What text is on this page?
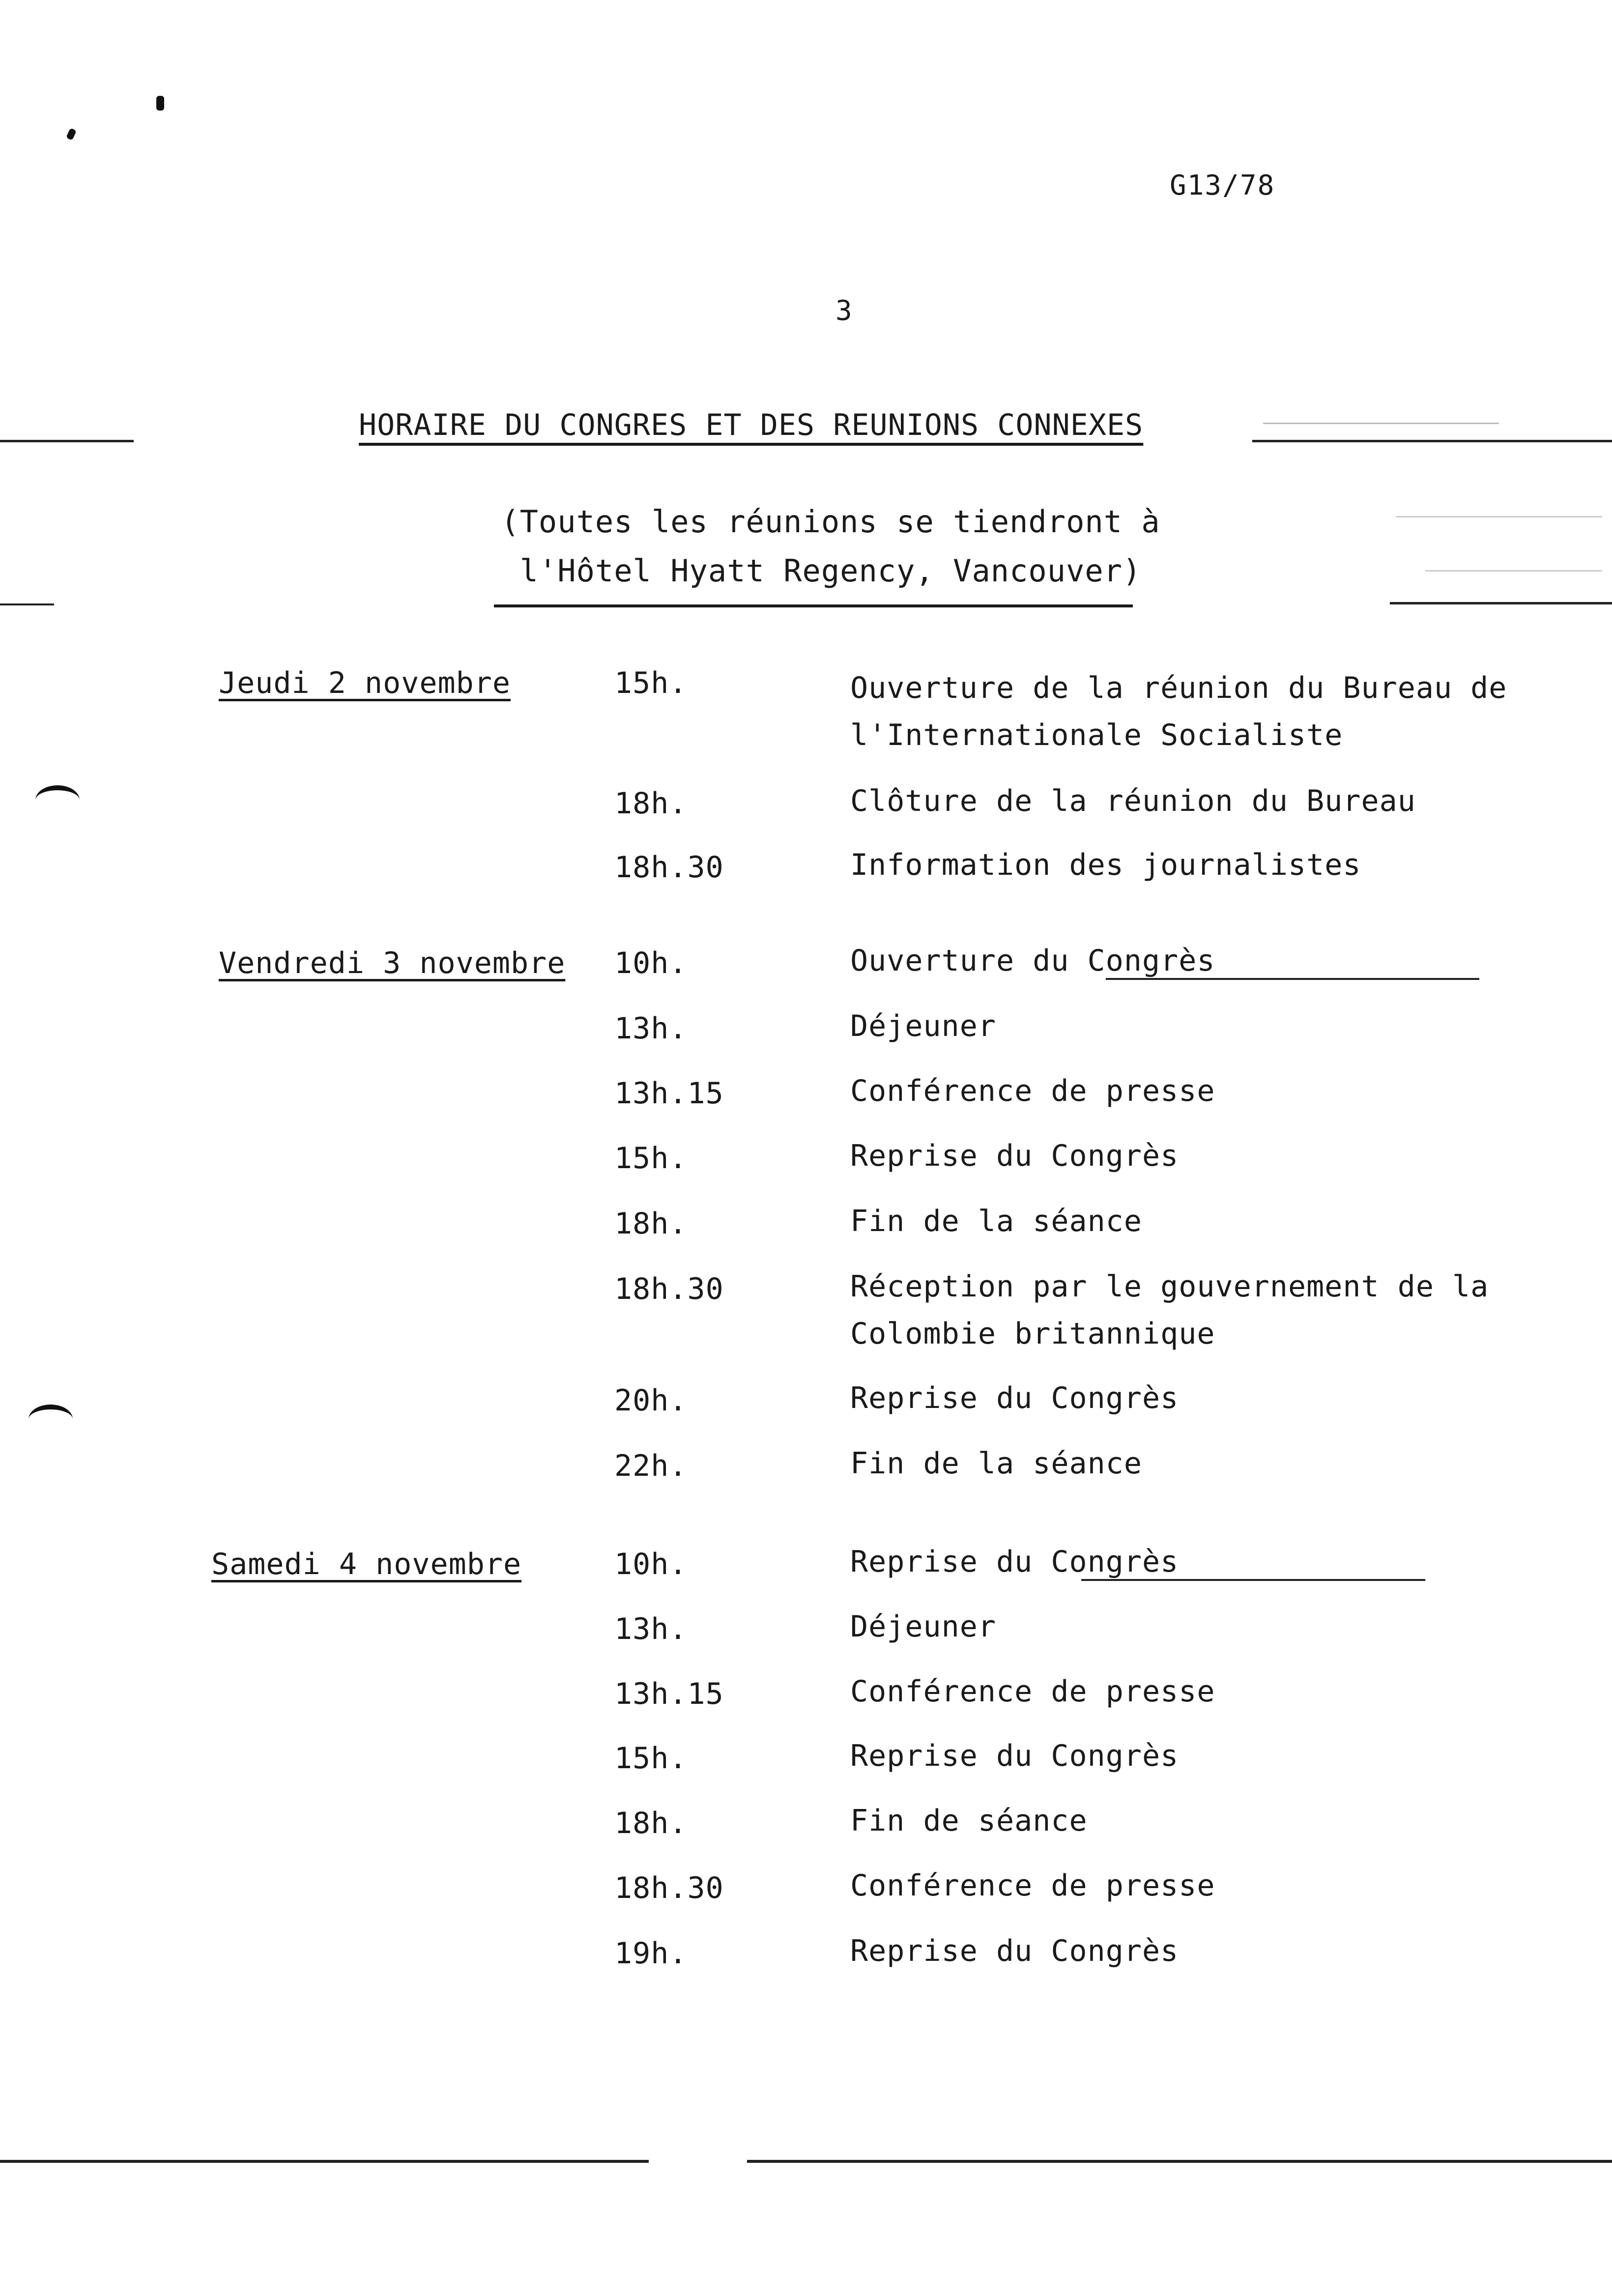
G13/78
3
HORAIRE DU CONGRES ET DES REUNIONS CONNEXES
(Toutes les réunions se tiendront à
l'Hôtel Hyatt Regency, Vancouver)
Jeudi 2 novembre	15h.	Ouverture de la réunion du Bureau de l'Internationale Socialiste
18h.	Clôture de la réunion du Bureau
18h.30	Information des journalistes
Vendredi 3 novembre 10h.	Ouverture du Congrès
13h.	Déjeuner
13h.15	Conférence de presse
15h.	Reprise du Congrès
18h.	Fin de la séance
18h.30	Réception par le gouvernement de la Colombie britannique
20h.	Reprise du Congrès
22h.	Fin de la séance
Samedi 4 novembre	10h.	Reprise du Congrès
13h.	Déjeuner
13h.15	Conférence de presse
15h.	Reprise du Congrès
18h.	Fin de séance
18h.30	Conférence de presse
19h.	Reprise du Congrès
